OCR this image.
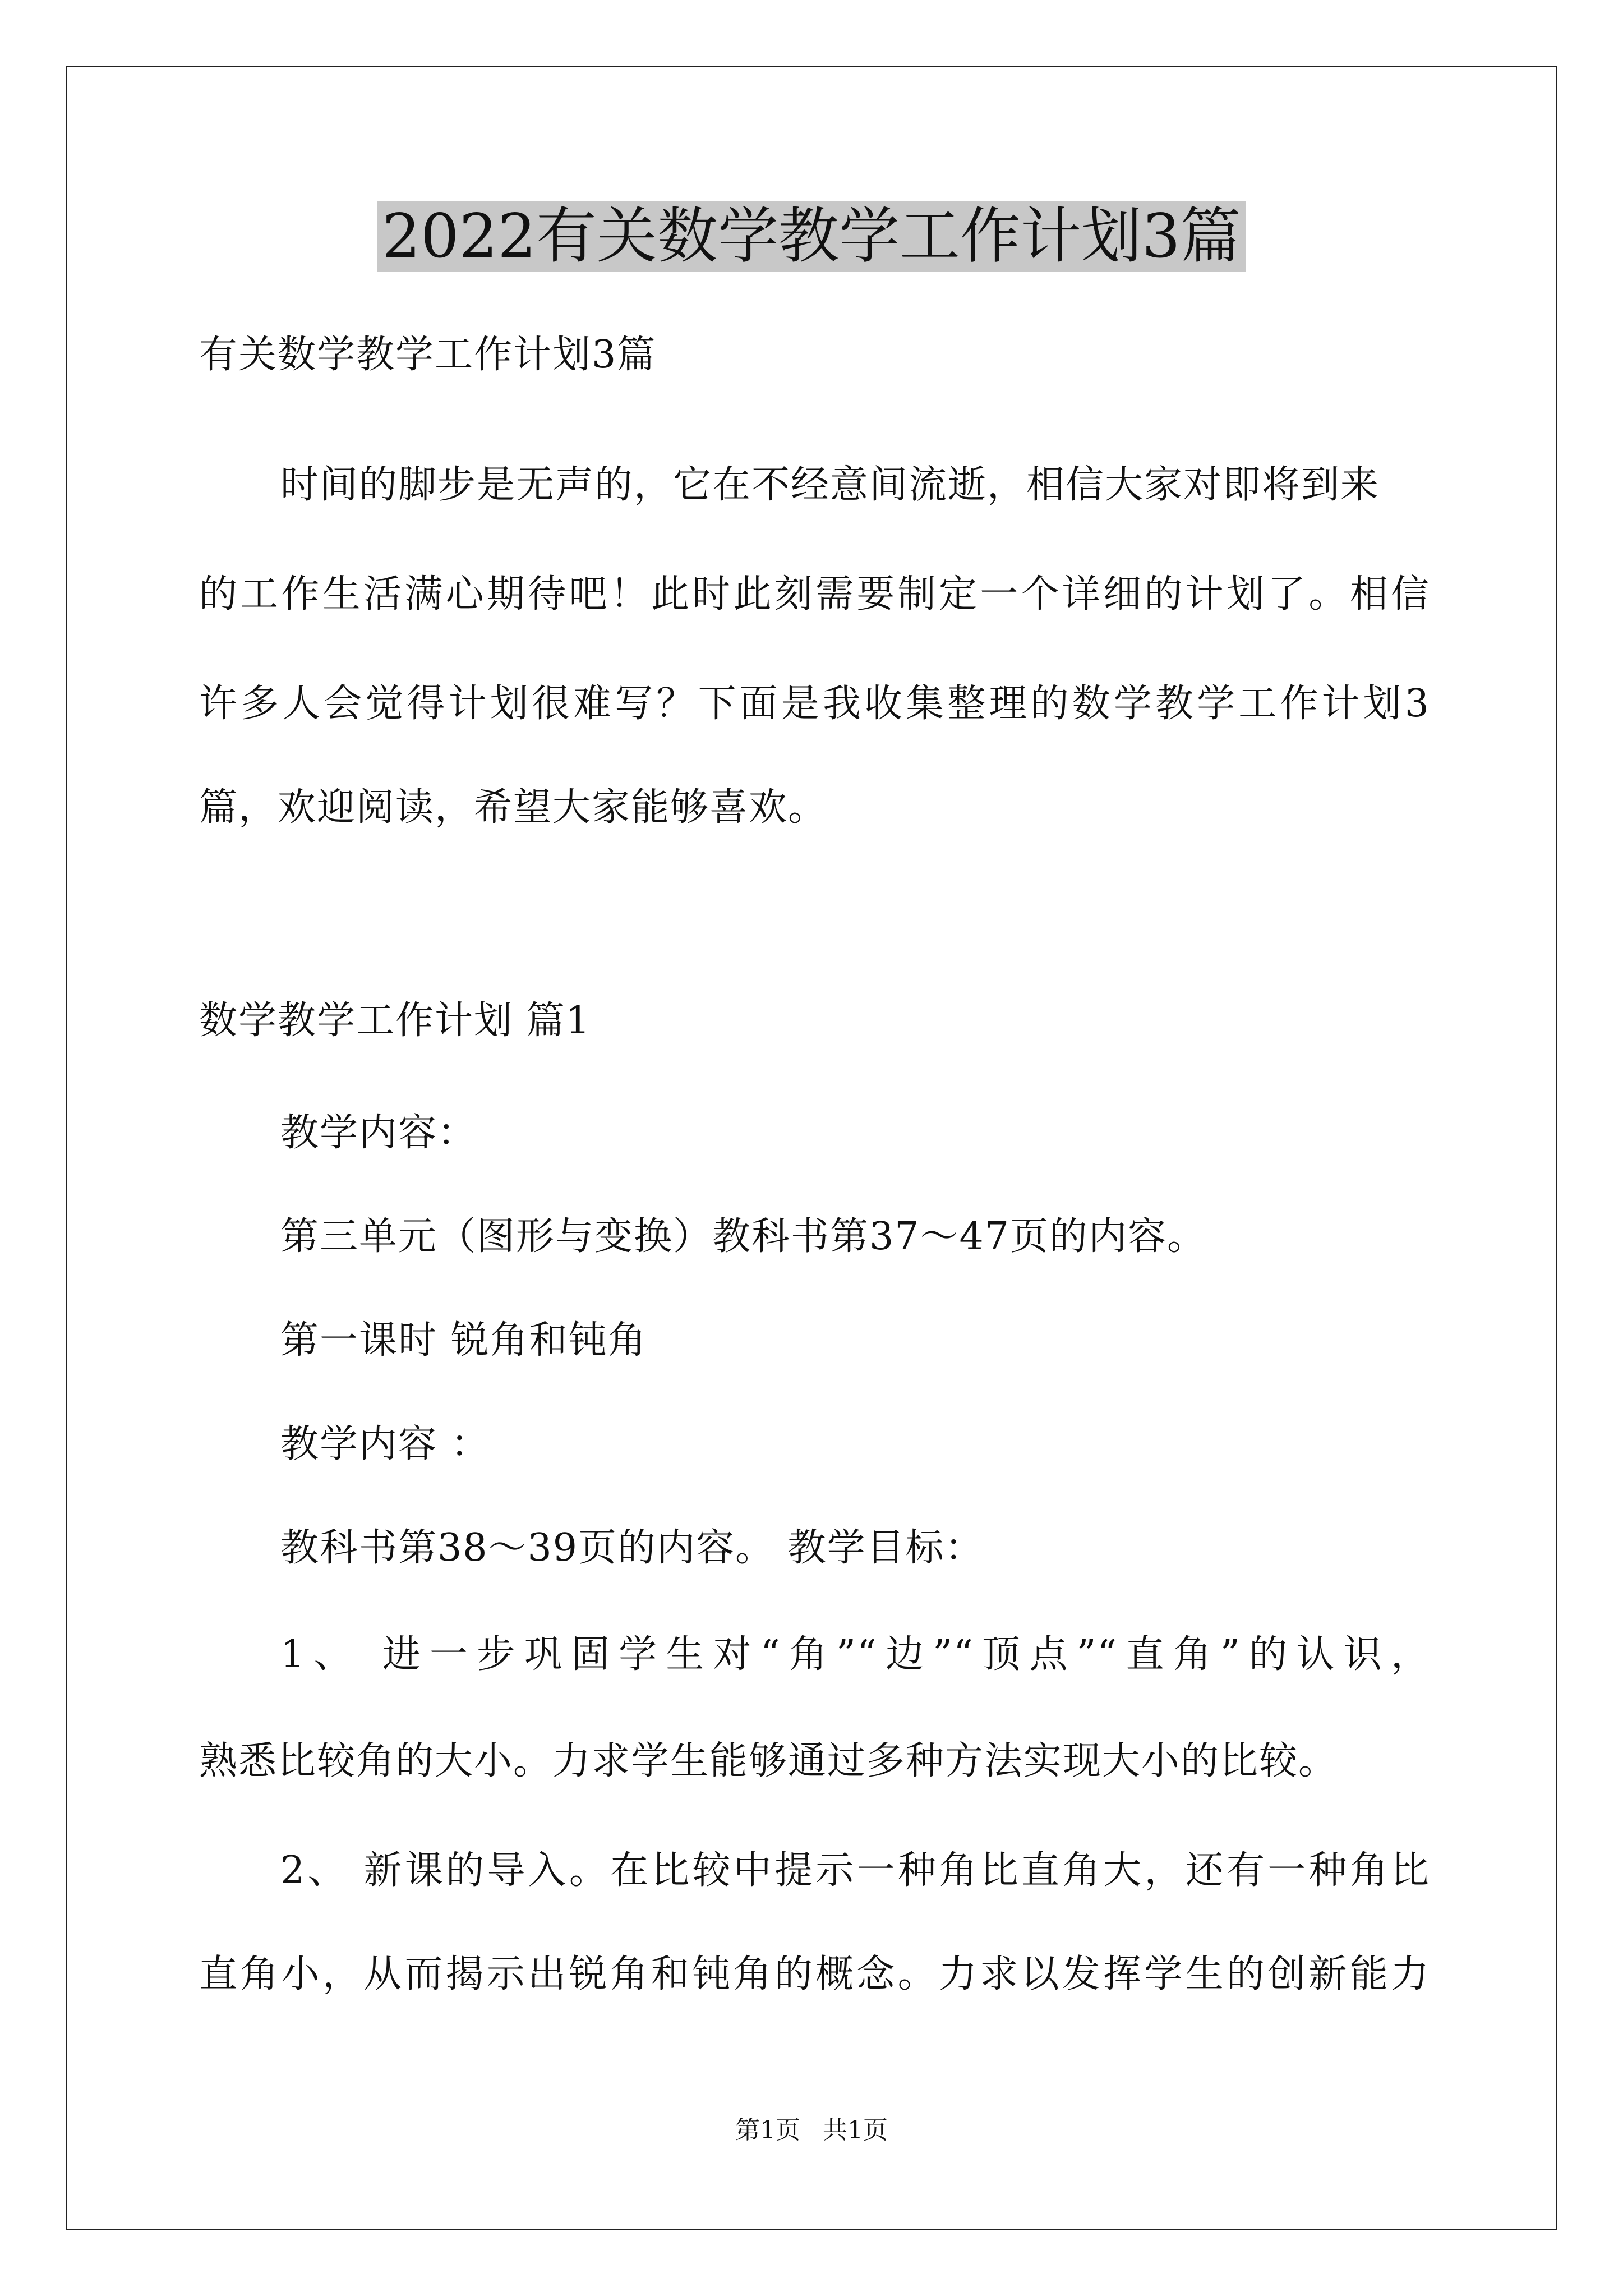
2022有关数学教学工作计划3篇
有关数学教学工作计划3篇
时间的脚步是无声的，它在不经意间流逝，相信大家对即将到来
的工作生活满心期待吧！此时此刻需要制定一个详细的计划了。相信
许多人会觉得计划很难写？下面是我收集整理的数学教学工作计划3
篇，欢迎阅读，希望大家能够喜欢。
数学教学工作计划 篇1
教学内容：
第三单元（图形与变换）教科书第37～47页的内容。
第一课时 锐角和钝角
教学内容 ：
教科书第38～39页的内容。 教学目标：
1、 进一步巩固学生对“角”“边”“顶点”“直角”的认识，
熟悉比较角的大小。力求学生能够通过多种方法实现大小的比较。
2、 新课的导入。在比较中提示一种角比直角大，还有一种角比
直角小，从而揭示出锐角和钝角的概念。力求以发挥学生的创新能力
第1页 共1页
